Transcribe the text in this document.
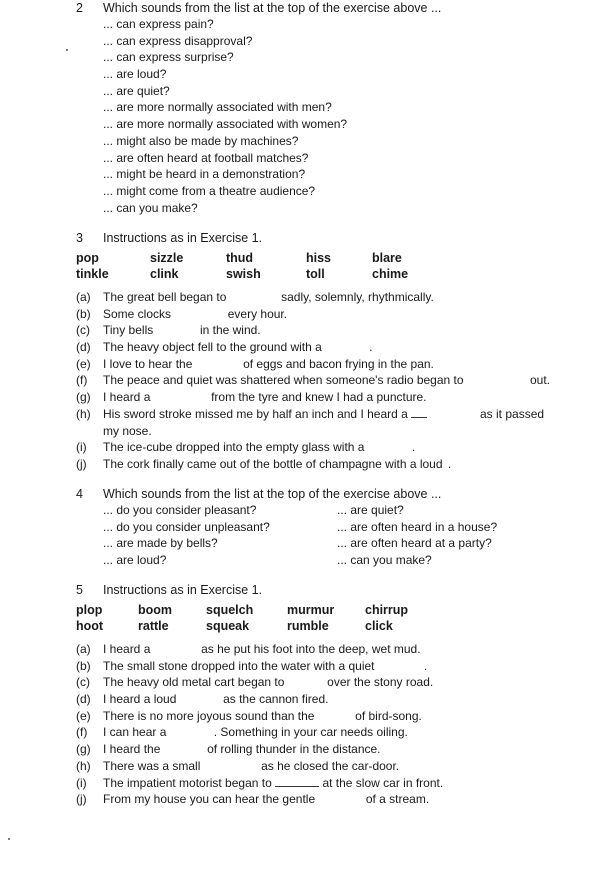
2 Which sounds from the list at the top of the exercise above ...
... can express pain?
... can express disapproval?
... can express surprise?
... are loud?
... are quiet?
... are more normally associated with men?
... are more normally associated with women?
... might also be made by machines?
... are often heard at football matches?
... might be heard in a demonstration?
... might come from a theatre audience?
... can you make?
3 Instructions as in Exercise 1.
pop	sizzle	thud	hiss	blare
tinkle	clink	swish	toll	chime
(a) The great bell began to	sadly, solemnly, rhythmically.
(b) Some clocks	every hour.
(c) Tiny bells	in the wind.
(d) The heavy object fell to the ground with a	.
(e) I love to hear the	of eggs and bacon frying in the pan.
(f) The peace and quiet was shattered when someone's radio began to	out.
(g) I heard a	from the tyre and knew I had a puncture.
(h) His sword stroke missed me by half an inch and I heard a	as it passed
my nose.
(i) The ice-cube dropped into the empty glass with a	.
(j) The cork finally came out of the bottle of champagne with a loud .
4 Which sounds from the list at the top of the exercise above ...
... do you consider pleasant?	... are quiet?
... do you consider unpleasant?	... are often heard in a house?
... are made by bells?	... are often heard at a party?
... are loud?	... can you make?
5 Instructions as in Exercise 1.
plop	boom	squelch	murmur chirrup
hoot	rattle	squeak	rumble	click
(a) I heard a	as he put his foot into the deep, wet mud.
(b) The small stone dropped into the water with a quiet	.
(c) The heavy old metal cart began to	over the stony road.
(d) I heard a loud	as the cannon fired.
(e) There is no more joyous sound than the	of bird-song.
(f) I can hear a	. Something in your car needs oiling.
(g) I heard the	of rolling thunder in the distance.
(h) There was a small	as he closed the car-door.
(i) The impatient motorist began to	at the slow car in front.
(j) From my house you can hear the gentle	of a stream.
